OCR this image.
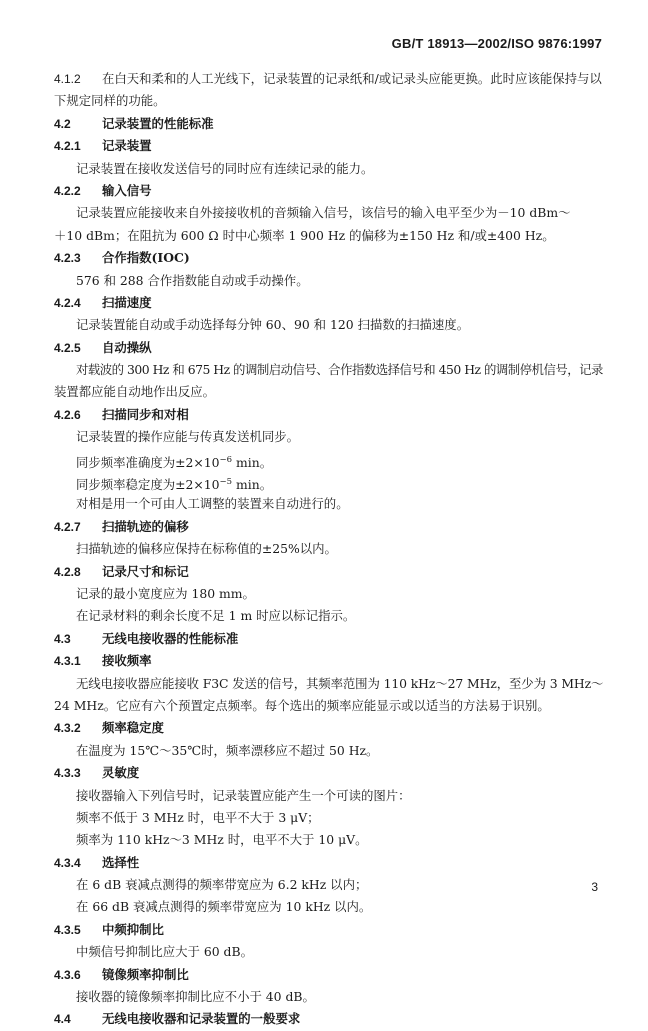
GB/T 18913—2002/ISO 9876:1997
4.1.2 在白天和柔和的人工光线下，记录装置的记录纸和/或记录头应能更换。此时应该能保持与以
下规定同样的功能。
4.2	记录装置的性能标准
4.2.1 记录装置
记录装置在接收发送信号的同时应有连续记录的能力。
4.2.2 输入信号
记录装置应能接收来自外接接收机的音频输入信号，该信号的输入电平至少为－10 dBm～
＋10 dBm；在阻抗为 600 Ω 时中心频率 1 900 Hz 的偏移为±150 Hz 和/或±400 Hz。
4.2.3 合作指数(IOC)
576 和 288 合作指数能自动或手动操作。
4.2.4 扫描速度
记录装置能自动或手动选择每分钟 60、90 和 120 扫描数的扫描速度。
4.2.5 自动操纵
对载波的 300 Hz 和 675 Hz 的调制启动信号、合作指数选择信号和 450 Hz 的调制停机信号，记录
装置都应能自动地作出反应。
4.2.6 扫描同步和对相
记录装置的操作应能与传真发送机同步。
同步频率准确度为$\pm 2\times 10^{-6}$ min。
同步频率稳定度为$\pm 2\times 10^{-5}$ min。
对相是用一个可由人工调整的装置来自动进行的。
4.2.7 扫描轨迹的偏移
扫描轨迹的偏移应保持在标称值的±25%以内。
4.2.8 记录尺寸和标记
记录的最小宽度应为 180 mm。
在记录材料的剩余长度不足 1 m 时应以标记指示。
4.3	无线电接收器的性能标准
4.3.1 接收频率
无线电接收器应能接收 F3C 发送的信号，其频率范围为 110 kHz～27 MHz，至少为 3 MHz～
24 MHz。它应有六个预置定点频率。每个选出的频率应能显示或以适当的方法易于识别。
4.3.2 频率稳定度
在温度为 15℃～35℃时，频率漂移应不超过 50 Hz。
4.3.3 灵敏度
接收器输入下列信号时，记录装置应能产生一个可读的图片：
频率不低于 3 MHz 时，电平不大于 3 μV；
频率为 110 kHz～3 MHz 时，电平不大于 10 μV。
4.3.4 选择性
在 6 dB 衰减点测得的频率带宽应为 6.2 kHz 以内；
在 66 dB 衰减点测得的频率带宽应为 10 kHz 以内。
4.3.5 中频抑制比
中频信号抑制比应大于 60 dB。
4.3.6 镜像频率抑制比
接收器的镜像频率抑制比应不小于 40 dB。
4.4	无线电接收器和记录装置的一般要求
3
